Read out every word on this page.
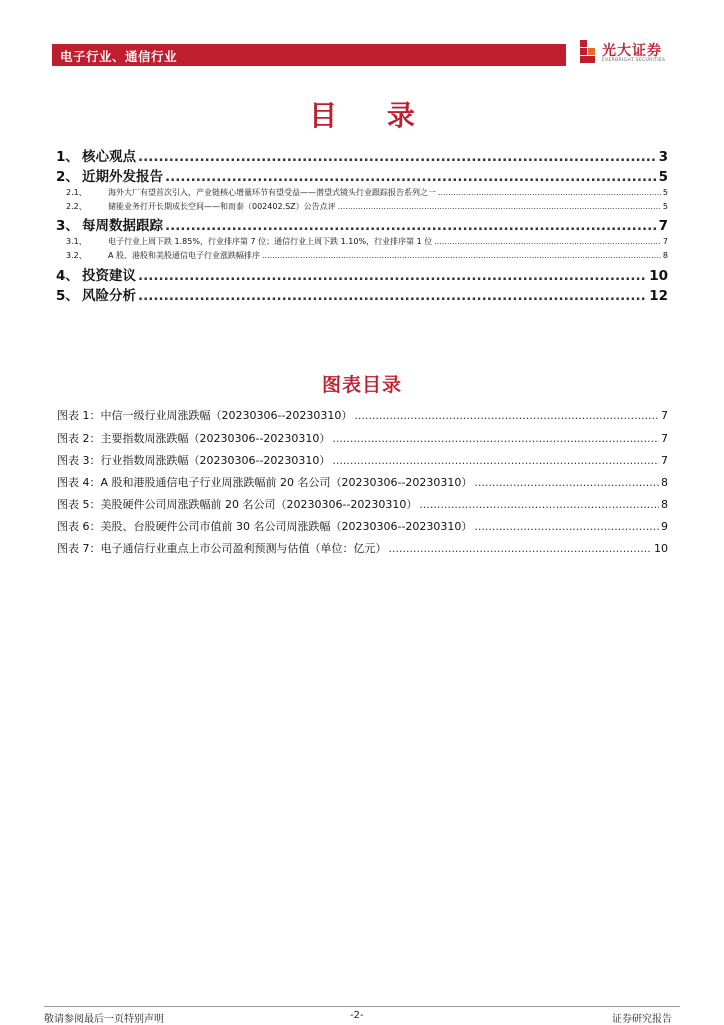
电子行业、通信行业	光大证券
EVERBRIGHT SECURITIES
目 录
1、 核心观点 .....	3
2、 近期外发报告 .....	5
2.1、	海外大厂有望首次引入，产业链核心增量环节有望受益——潜望式镜头行业跟踪报告系列之一 .....	5
2.2、	储能业务打开长期成长空间——和而泰（002402.SZ）公告点评 .....	5
3、 每周数据跟踪 .....	7
3.1、	电子行业上周下跌 1.85%，行业排序第 7 位；通信行业上周下跌 1.10%，行业排序第 1 位 .....	7
3.2、	A 股、港股和美股通信电子行业涨跌幅排序 .....	8
4、 投资建议 .....	10
5、 风险分析 .....	12
图表目录
图表 1：中信一级行业周涨跌幅（20230306--20230310） .....	7
图表 2：主要指数周涨跌幅（20230306--20230310） .....	7
图表 3：行业指数周涨跌幅（20230306--20230310） .....	7
图表 4：A 股和港股通信电子行业周涨跌幅前 20 名公司（20230306--20230310） .....	8
图表 5：美股硬件公司周涨跌幅前 20 名公司（20230306--20230310） .....	8
图表 6：美股、台股硬件公司市值前 30 名公司周涨跌幅（20230306--20230310） .....	9
图表 7：电子通信行业重点上市公司盈利预测与估值（单位：亿元） .....	10
敬请参阅最后一页特别声明	-2-	证券研究报告
